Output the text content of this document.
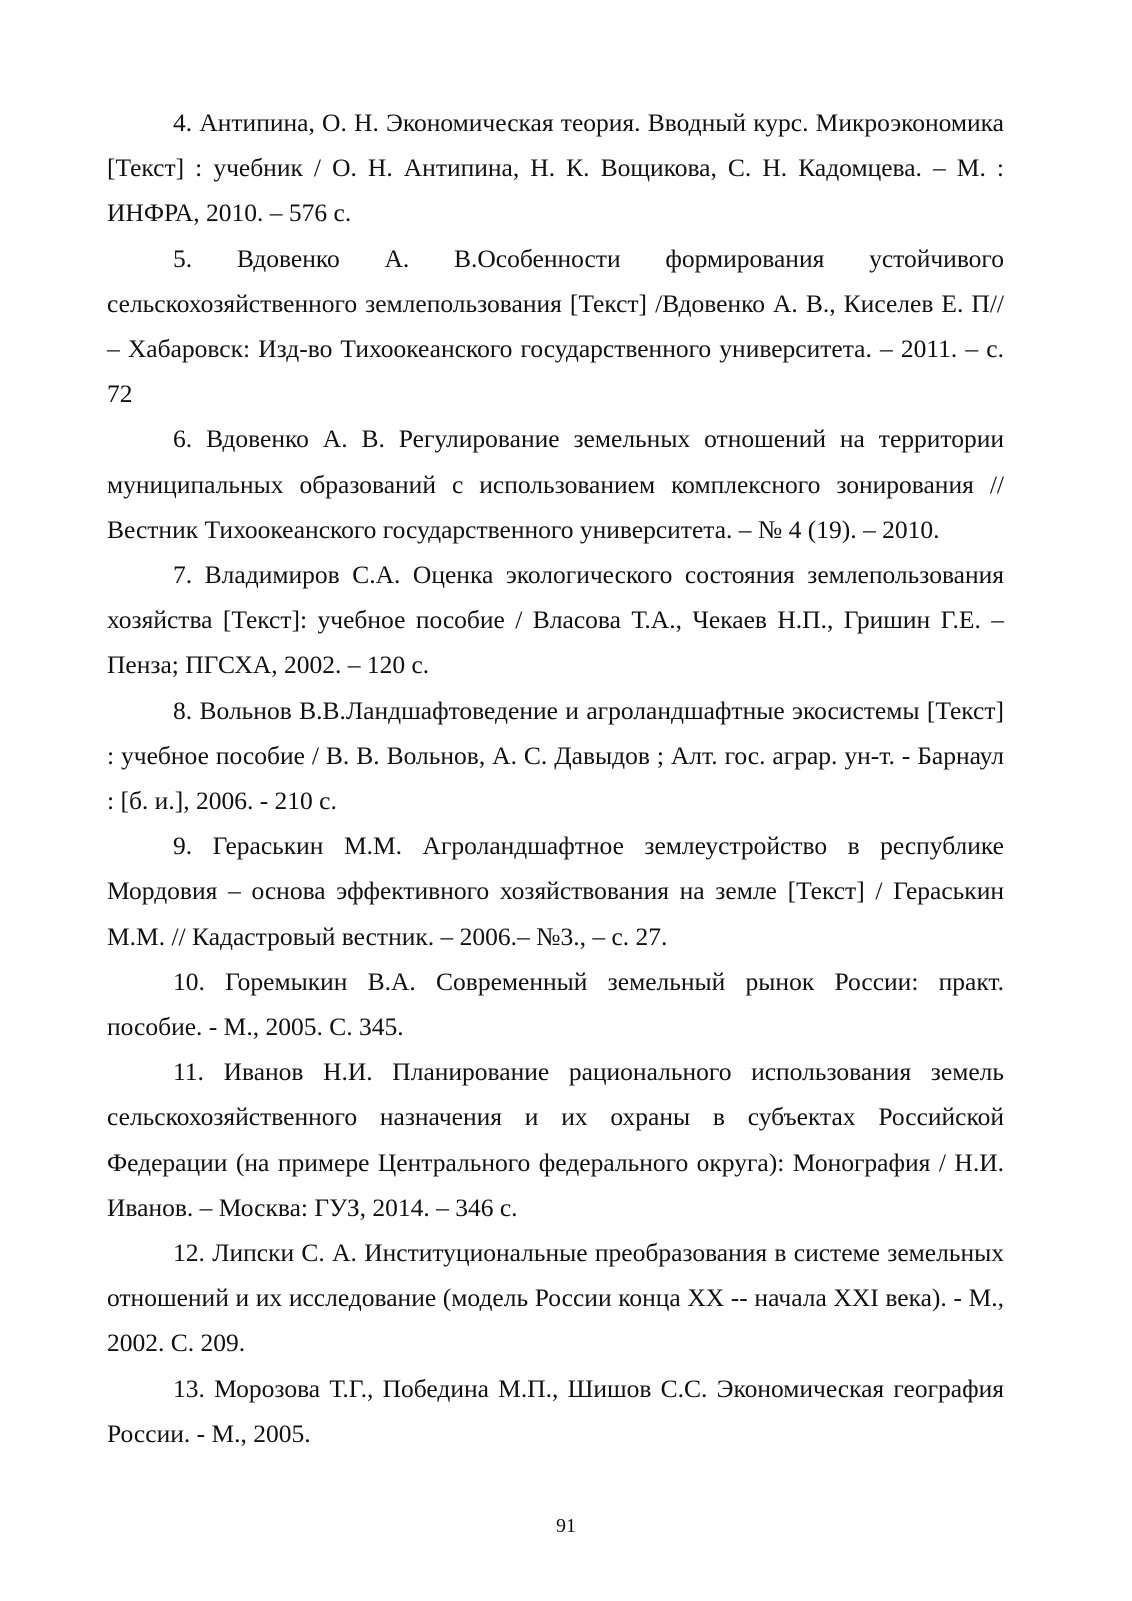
4. Антипина, О. Н. Экономическая теория. Вводный курс. Микроэкономика [Текст] : учебник / О. Н. Антипина, Н. К. Вощикова, С. Н. Кадомцева. – М. : ИНФРА, 2010. – 576 с.

5. Вдовенко А. В.Особенности формирования устойчивого сельскохозяйственного землепользования [Текст] /Вдовенко А. В., Киселев Е. П// – Хабаровск: Изд-во Тихоокеанского государственного университета. – 2011. – с. 72

6. Вдовенко А. В. Регулирование земельных отношений на территории муниципальных образований с использованием комплексного зонирования // Вестник Тихоокеанского государственного университета. – № 4 (19). – 2010.

7. Владимиров С.А. Оценка экологического состояния землепользования хозяйства [Текст]: учебное пособие / Власова Т.А., Чекаев Н.П., Гришин Г.Е. – Пенза; ПГСХА, 2002. – 120 с.

8. Вольнов В.В.Ландшафтоведение и агроландшафтные экосистемы [Текст] : учебное пособие / В. В. Вольнов, А. С. Давыдов ; Алт. гос. аграр. ун-т. - Барнаул : [б. и.], 2006. - 210 с.

9. Гераськин М.М. Агроландшафтное землеустройство в республике Мордовия – основа эффективного хозяйствования на земле [Текст] / Гераськин М.М. // Кадастровый вестник. – 2006.– №3., – с. 27.

10. Горемыкин В.А. Современный земельный рынок России: практ. пособие. - М., 2005. С. 345.

11. Иванов Н.И. Планирование рационального использования земель сельскохозяйственного назначения и их охраны в субъектах Российской Федерации (на примере Центрального федерального округа): Монография / Н.И. Иванов. – Москва: ГУЗ, 2014. – 346 с.

12. Липски С. А. Институциональные преобразования в системе земельных отношений и их исследование (модель России конца XX -- начала XXI века). - М., 2002. С. 209.

13. Морозова Т.Г., Победина М.П., Шишов С.С. Экономическая география России. - М., 2005.

91
